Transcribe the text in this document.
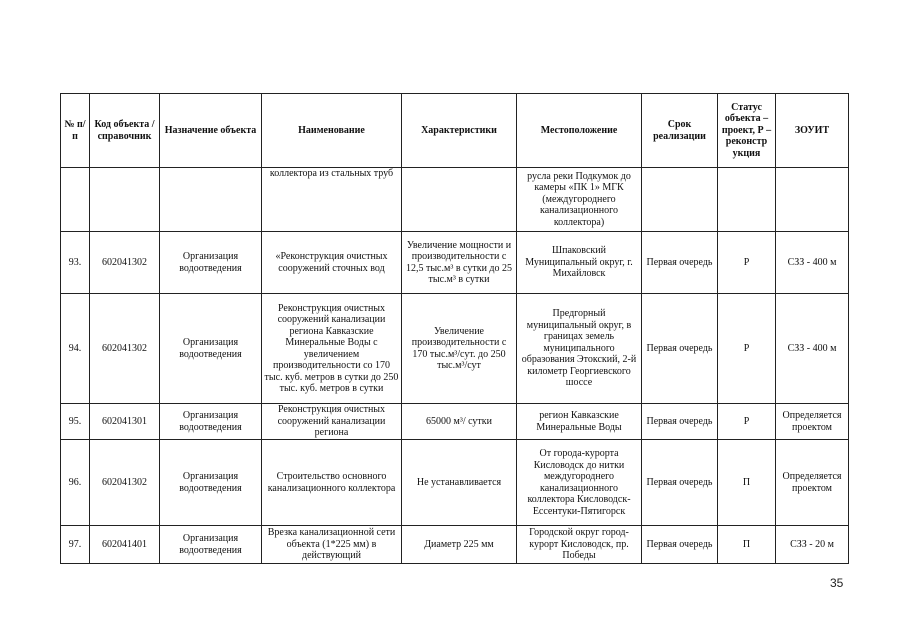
№ п/п	Код объекта / справочник	Назначение объекта	Наименование	Характеристики	Местоположение	Срок реализации	Статус объекта – проект, Р – реконстр укция	ЗОУИТ
			коллектора из стальных труб		русла реки Подкумок до камеры «ПК 1» МГК (междугороднего канализационного коллектора)			
93.	602041302	Организация водоотведения	«Реконструкция очистных сооружений сточных вод	Увеличение мощности и производительности с 12,5 тыс.м³ в сутки до 25 тыс.м³ в сутки	Шпаковский Муниципальный округ, г. Михайловск	Первая очередь	Р	СЗЗ - 400 м
94.	602041302	Организация водоотведения	Реконструкция очистных сооружений канализации региона Кавказские Минеральные Воды с увеличением производительности со 170 тыс. куб. метров в сутки до 250 тыс. куб. метров в сутки	Увеличение производительности с 170 тыс.м³/сут. до 250 тыс.м³/сут	Предгорный муниципальный округ, в границах земель муниципального образования Этокский, 2-й километр Георгиевского шоссе	Первая очередь	Р	СЗЗ - 400 м
95.	602041301	Организация водоотведения	Реконструкция очистных сооружений канализации региона	65000 м³/ сутки	регион Кавказские Минеральные Воды	Первая очередь	Р	Определяется проектом
96.	602041302	Организация водоотведения	Строительство основного канализационного коллектора	Не устанавливается	От города-курорта Кисловодск до нитки междугороднего канализационного коллектора Кисловодск-Ессентуки-Пятигорск	Первая очередь	П	Определяется проектом
97.	602041401	Организация водоотведения	Врезка канализационной сети объекта (1*225 мм) в действующий	Диаметр 225 мм	Городской округ город-курорт Кисловодск, пр. Победы	Первая очередь	П	СЗЗ - 20 м
35
